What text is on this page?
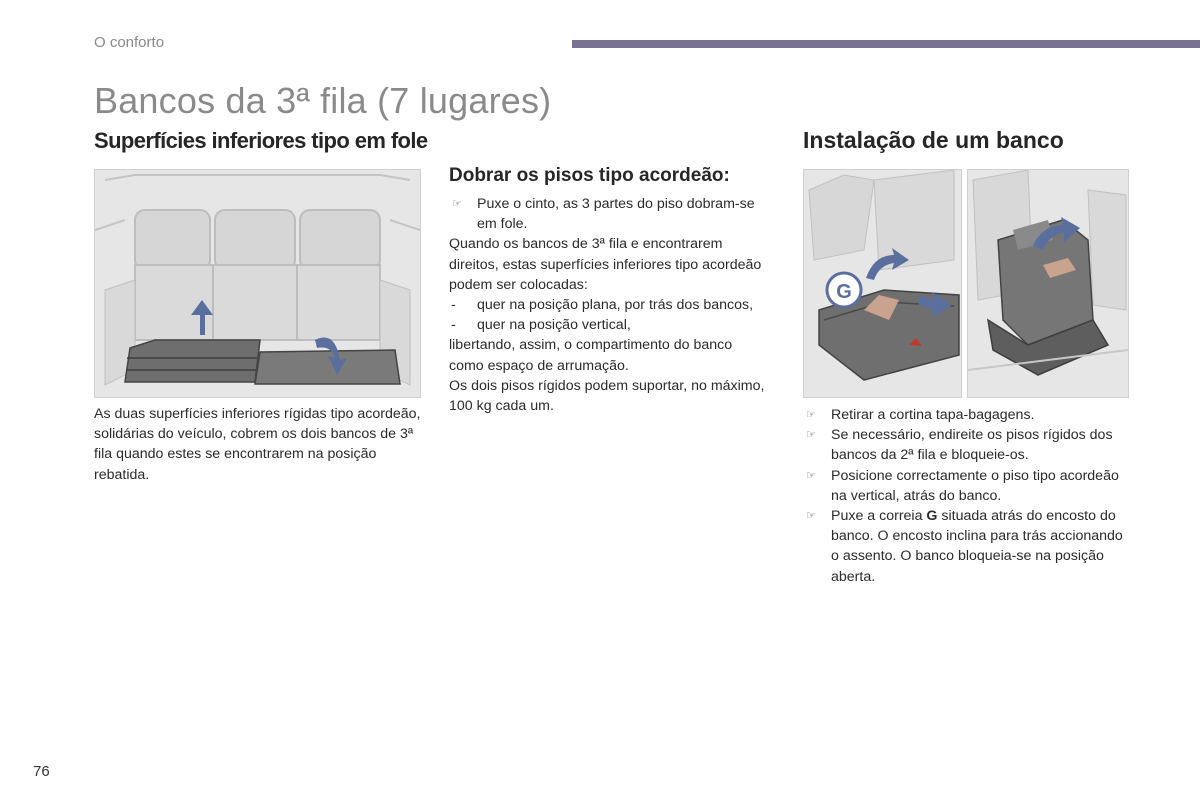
O conforto
Bancos da 3ª fila (7 lugares)
Superfícies inferiores tipo em fole
As duas superfícies inferiores rígidas tipo acordeão, solidárias do veículo, cobrem os dois bancos de 3ª fila quando estes se encontrarem na posição rebatida.
Dobrar os pisos tipo acordeão:
☞	Puxe o cinto, as 3 partes do piso dobram-se em fole.
Quando os bancos de 3ª fila e encontrarem direitos, estas superfícies inferiores tipo acordeão podem ser colocadas:
-	quer na posição plana, por trás dos bancos,
-	quer na posição vertical,
libertando, assim, o compartimento do banco como espaço de arrumação.
Os dois pisos rígidos podem suportar, no máximo, 100 kg cada um.
Instalação de um banco
G
☞	Retirar a cortina tapa-bagagens.
☞	Se necessário, endireite os pisos rígidos dos bancos da 2ª fila e bloqueie-os.
☞	Posicione correctamente o piso tipo acordeão na vertical, atrás do banco.
☞	Puxe a correia G situada atrás do encosto do banco. O encosto inclina para trás accionando o assento. O banco bloqueia-se na posição aberta.
76
